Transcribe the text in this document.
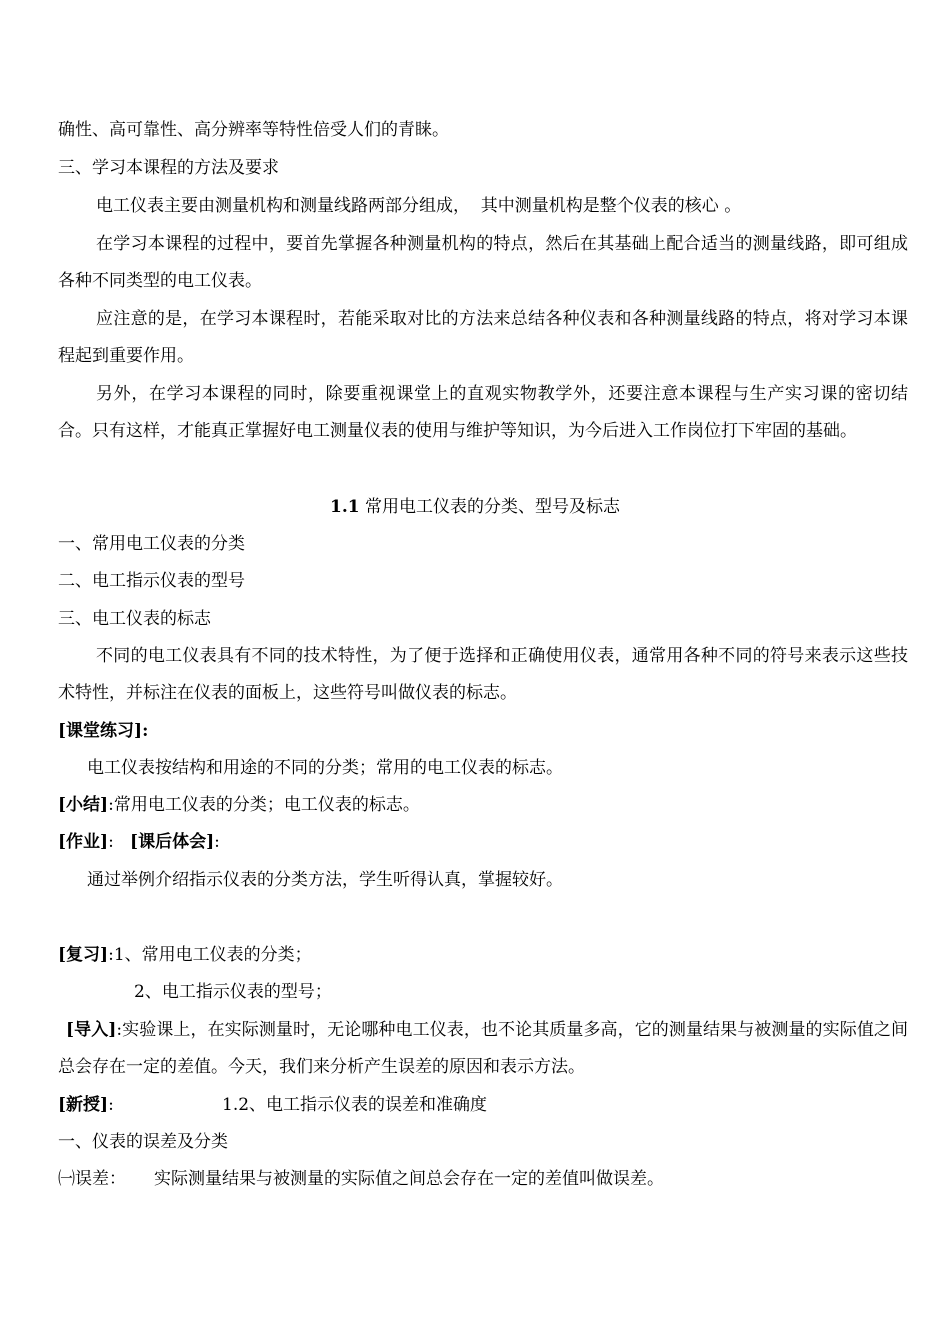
确性、高可靠性、高分辨率等特性倍受人们的青睐。
三、学习本课程的方法及要求
电工仪表主要由测量机构和测量线路两部分组成，  其中测量机构是整个仪表的核心 。
在学习本课程的过程中，要首先掌握各种测量机构的特点，然后在其基础上配合适当的测量线路，即可组成各种不同类型的电工仪表。
应注意的是，在学习本课程时，若能采取对比的方法来总结各种仪表和各种测量线路的特点，将对学习本课程起到重要作用。
另外，在学习本课程的同时，除要重视课堂上的直观实物教学外，还要注意本课程与生产实习课的密切结合。只有这样，才能真正掌握好电工测量仪表的使用与维护等知识，为今后进入工作岗位打下牢固的基础。
1.1 常用电工仪表的分类、型号及标志
一、常用电工仪表的分类
二、电工指示仪表的型号
三、电工仪表的标志
不同的电工仪表具有不同的技术特性，为了便于选择和正确使用仪表，通常用各种不同的符号来表示这些技术特性，并标注在仪表的面板上，这些符号叫做仪表的标志。
[课堂练习]:
电工仪表按结构和用途的不同的分类；常用的电工仪表的标志。
[小结]:常用电工仪表的分类；电工仪表的标志。
[作业]:   [课后体会]:
通过举例介绍指示仪表的分类方法，学生听得认真，掌握较好。
[复习]:1、常用电工仪表的分类；
2、电工指示仪表的型号；
[导入]:实验课上，在实际测量时，无论哪种电工仪表，也不论其质量多高，它的测量结果与被测量的实际值之间总会存在一定的差值。今天，我们来分析产生误差的原因和表示方法。
[新授]:	1.2、电工指示仪表的误差和准确度
一、仪表的误差及分类
㈠误差： 实际测量结果与被测量的实际值之间总会存在一定的差值叫做误差。
